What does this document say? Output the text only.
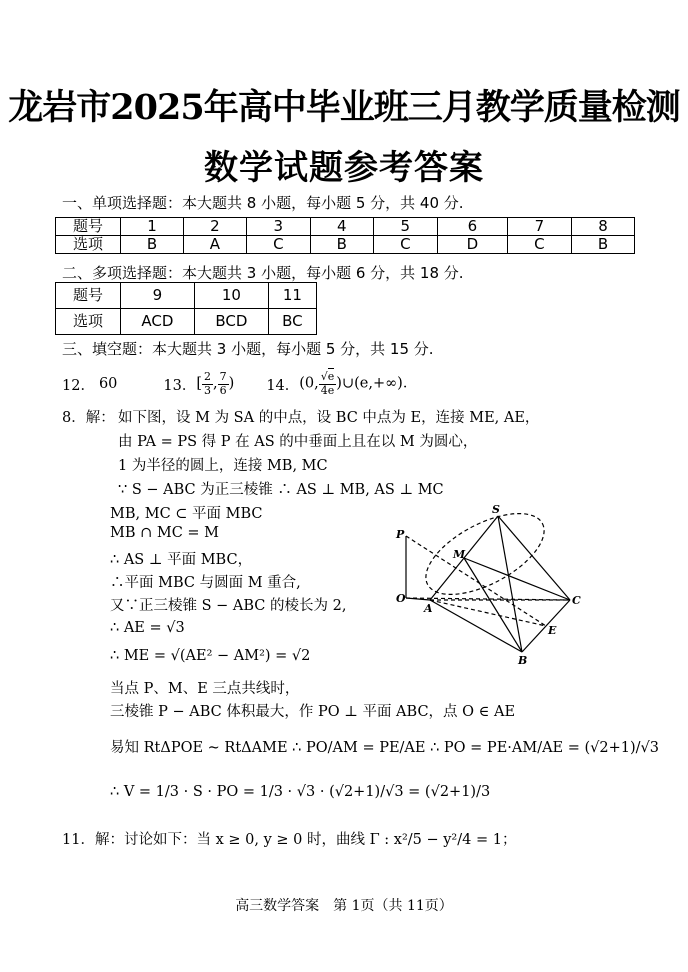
龙岩市2025年高中毕业班三月教学质量检测
数学试题参考答案
一、单项选择题：本大题共 8 小题，每小题 5 分，共 40 分.
题号	1	2	3	4	5	6	7	8
选项	B	A	C	B	C	D	C	B
二、多项选择题：本大题共 3 小题，每小题 6 分，共 18 分.
题号	9	10	11
选项	ACD	BCD	BC
三、填空题：本大题共 3 小题，每小题 5 分，共 15 分.
12． 60	13． [ $\frac{2}{3}$ , $\frac{7}{6}$ ) 14． (0, $\frac{√e}{4e}$ )∪(e,+∞)．
8．解： 如下图，设 M 为 SA 的中点，设 BC 中点为 E，连接 ME, AE，
由 PA = PS 得 P 在 AS 的中垂面上且在以 M 为圆心，
1 为半径的圆上，连接 MB, MC
∵ S − ABC 为正三棱锥 ∴ AS ⊥ MB, AS ⊥ MC
MB, MC ⊂ 平面 MBC
MB ∩ MC = M
∴ AS ⊥ 平面 MBC，
∴平面 MBC 与圆面 M 重合,
又∵正三棱锥 S − ABC 的棱长为 2,
∴ AE = √3
∴ ME = √(AE² − AM²) = √2
当点 P、M、E 三点共线时，
三棱锥 P − ABC 体积最大，作 PO ⊥ 平面 ABC，点 O ∈ AE
易知 RtΔPOE ~ RtΔAME ∴ PO/AM = PE/AE ∴ PO = PE·AM/AE = (√2+1)/√3
∴ V = 1/3 · S · PO = 1/3 · √3 · (√2+1)/√3 = (√2+1)/3
11．解： 讨论如下：当 x ≥ 0, y ≥ 0 时，曲线 Γ : x²/5 − y²/4 = 1；
S
P
M
O
A
C
E
B
高三数学答案　第 1页（共 11页）
